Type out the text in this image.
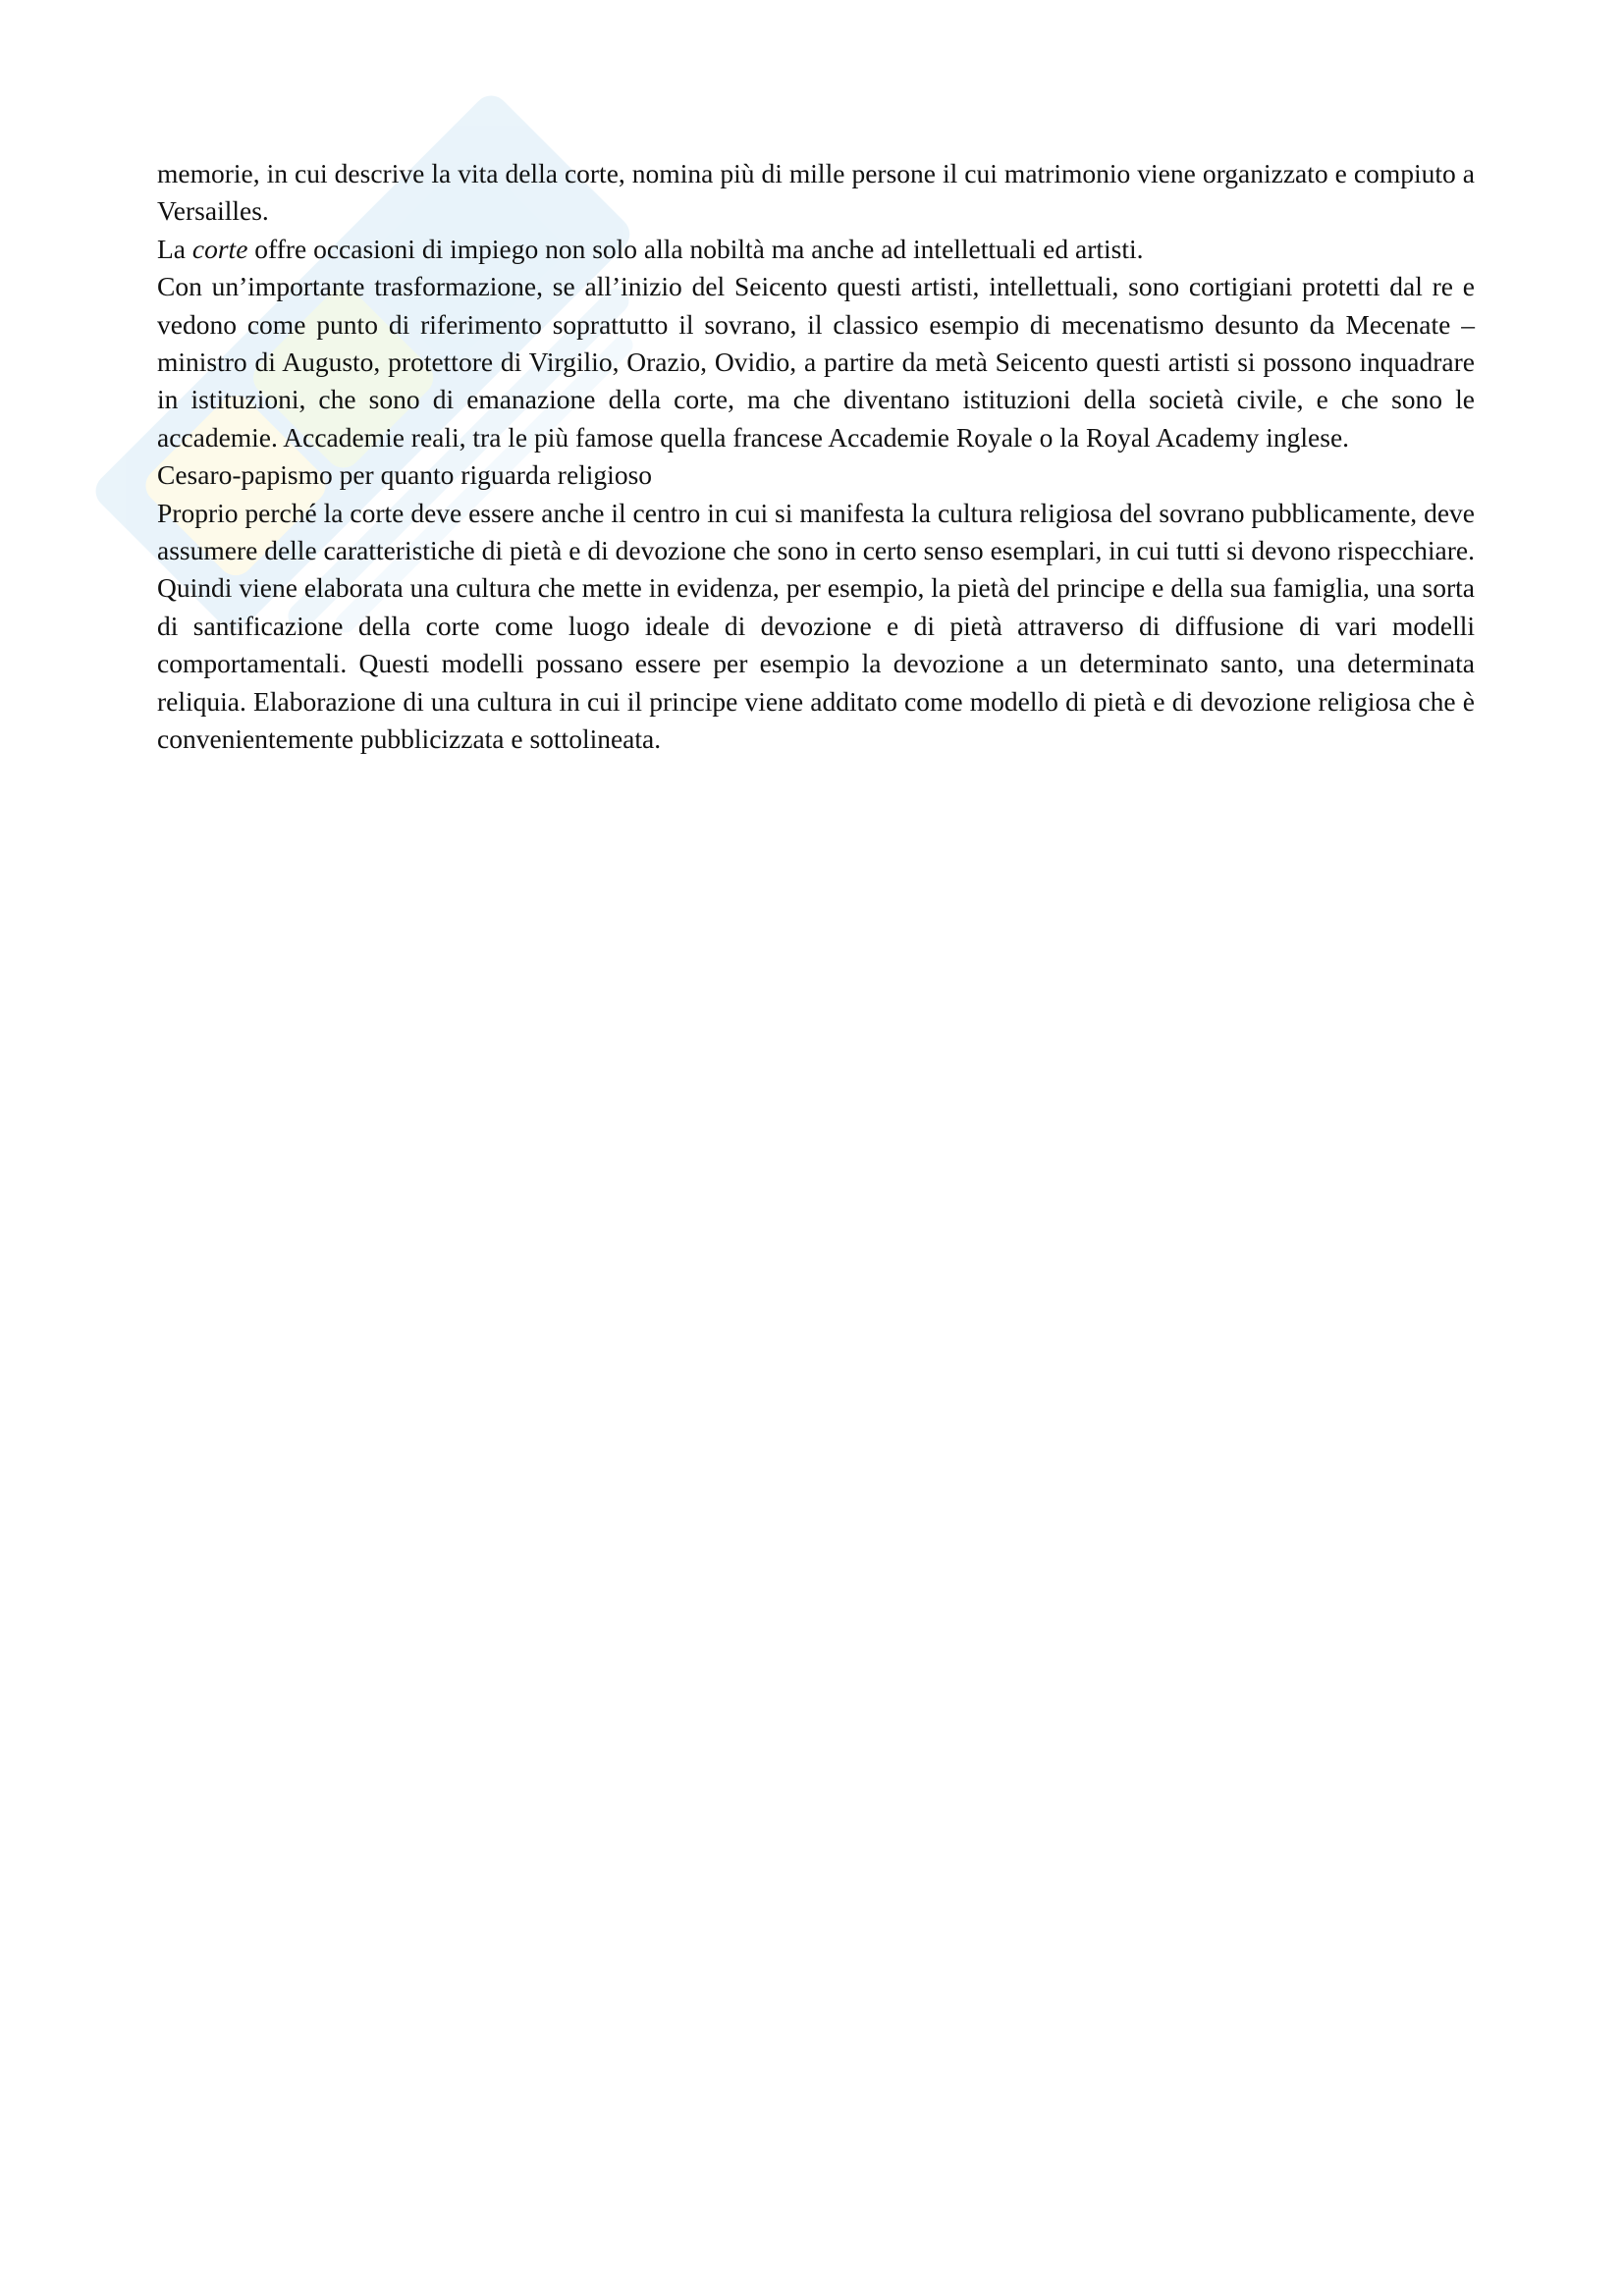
memorie, in cui descrive la vita della corte, nomina più di mille persone il cui matrimonio viene organizzato e compiuto a Versailles.

La corte offre occasioni di impiego non solo alla nobiltà ma anche ad intellettuali ed artisti.

Con un’importante trasformazione, se all’inizio del Seicento questi artisti, intellettuali, sono cortigiani protetti dal re e vedono come punto di riferimento soprattutto il sovrano, il classico esempio di mecenatismo desunto da Mecenate – ministro di Augusto, protettore di Virgilio, Orazio, Ovidio, a partire da metà Seicento questi artisti si possono inquadrare in istituzioni, che sono di emanazione della corte, ma che diventano istituzioni della società civile, e che sono le accademie. Accademie reali, tra le più famose quella francese Accademie Royale o la Royal Academy inglese.

Cesaro-papismo per quanto riguarda religioso

Proprio perché la corte deve essere anche il centro in cui si manifesta la cultura religiosa del sovrano pubblicamente, deve assumere delle caratteristiche di pietà e di devozione che sono in certo senso esemplari, in cui tutti si devono rispecchiare. Quindi viene elaborata una cultura che mette in evidenza, per esempio, la pietà del principe e della sua famiglia, una sorta di santificazione della corte come luogo ideale di devozione e di pietà attraverso di diffusione di vari modelli comportamentali. Questi modelli possano essere per esempio la devozione a un determinato santo, una determinata reliquia. Elaborazione di una cultura in cui il principe viene additato come modello di pietà e di devozione religiosa che è convenientemente pubblicizzata e sottolineata.
